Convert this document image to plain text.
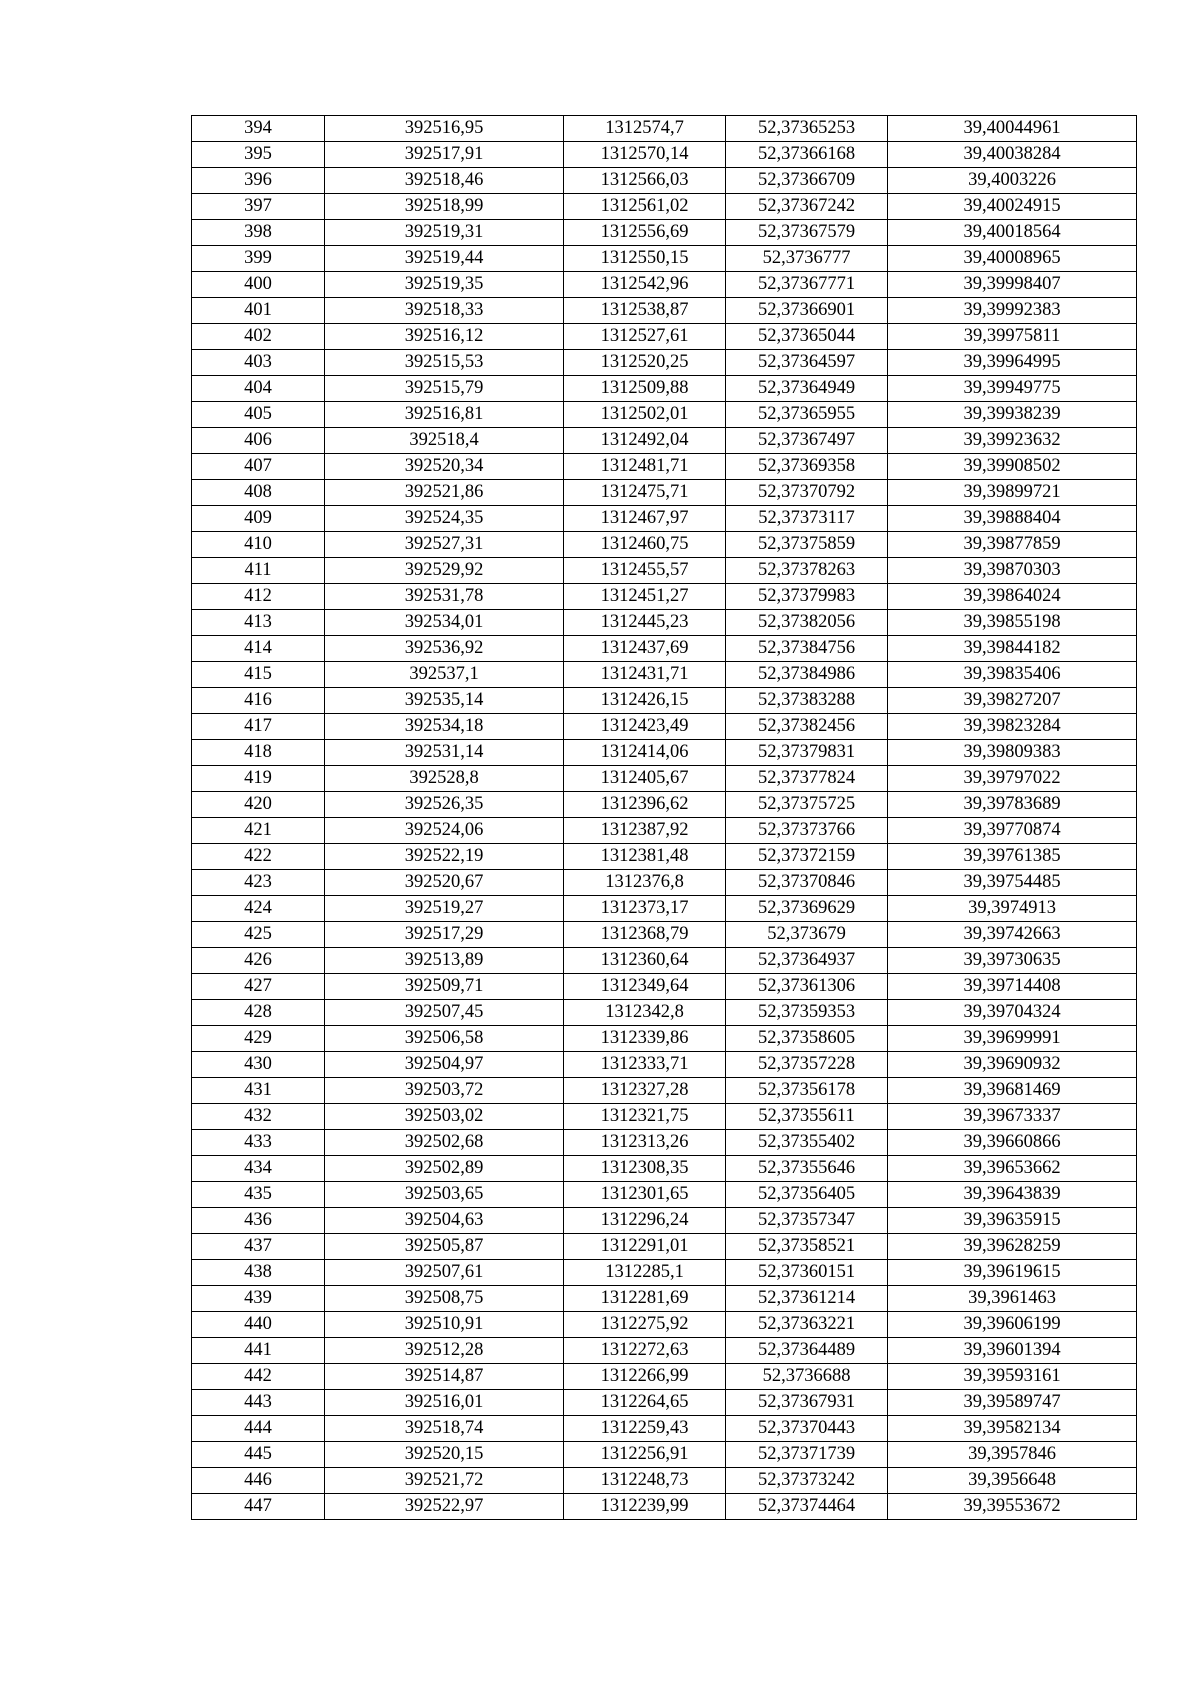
394	392516,95	1312574,7	52,37365253	39,40044961
395	392517,91	1312570,14	52,37366168	39,40038284
396	392518,46	1312566,03	52,37366709	39,4003226
397	392518,99	1312561,02	52,37367242	39,40024915
398	392519,31	1312556,69	52,37367579	39,40018564
399	392519,44	1312550,15	52,3736777	39,40008965
400	392519,35	1312542,96	52,37367771	39,39998407
401	392518,33	1312538,87	52,37366901	39,39992383
402	392516,12	1312527,61	52,37365044	39,39975811
403	392515,53	1312520,25	52,37364597	39,39964995
404	392515,79	1312509,88	52,37364949	39,39949775
405	392516,81	1312502,01	52,37365955	39,39938239
406	392518,4	1312492,04	52,37367497	39,39923632
407	392520,34	1312481,71	52,37369358	39,39908502
408	392521,86	1312475,71	52,37370792	39,39899721
409	392524,35	1312467,97	52,37373117	39,39888404
410	392527,31	1312460,75	52,37375859	39,39877859
411	392529,92	1312455,57	52,37378263	39,39870303
412	392531,78	1312451,27	52,37379983	39,39864024
413	392534,01	1312445,23	52,37382056	39,39855198
414	392536,92	1312437,69	52,37384756	39,39844182
415	392537,1	1312431,71	52,37384986	39,39835406
416	392535,14	1312426,15	52,37383288	39,39827207
417	392534,18	1312423,49	52,37382456	39,39823284
418	392531,14	1312414,06	52,37379831	39,39809383
419	392528,8	1312405,67	52,37377824	39,39797022
420	392526,35	1312396,62	52,37375725	39,39783689
421	392524,06	1312387,92	52,37373766	39,39770874
422	392522,19	1312381,48	52,37372159	39,39761385
423	392520,67	1312376,8	52,37370846	39,39754485
424	392519,27	1312373,17	52,37369629	39,3974913
425	392517,29	1312368,79	52,373679	39,39742663
426	392513,89	1312360,64	52,37364937	39,39730635
427	392509,71	1312349,64	52,37361306	39,39714408
428	392507,45	1312342,8	52,37359353	39,39704324
429	392506,58	1312339,86	52,37358605	39,39699991
430	392504,97	1312333,71	52,37357228	39,39690932
431	392503,72	1312327,28	52,37356178	39,39681469
432	392503,02	1312321,75	52,37355611	39,39673337
433	392502,68	1312313,26	52,37355402	39,39660866
434	392502,89	1312308,35	52,37355646	39,39653662
435	392503,65	1312301,65	52,37356405	39,39643839
436	392504,63	1312296,24	52,37357347	39,39635915
437	392505,87	1312291,01	52,37358521	39,39628259
438	392507,61	1312285,1	52,37360151	39,39619615
439	392508,75	1312281,69	52,37361214	39,3961463
440	392510,91	1312275,92	52,37363221	39,39606199
441	392512,28	1312272,63	52,37364489	39,39601394
442	392514,87	1312266,99	52,3736688	39,39593161
443	392516,01	1312264,65	52,37367931	39,39589747
444	392518,74	1312259,43	52,37370443	39,39582134
445	392520,15	1312256,91	52,37371739	39,3957846
446	392521,72	1312248,73	52,37373242	39,3956648
447	392522,97	1312239,99	52,37374464	39,39553672
